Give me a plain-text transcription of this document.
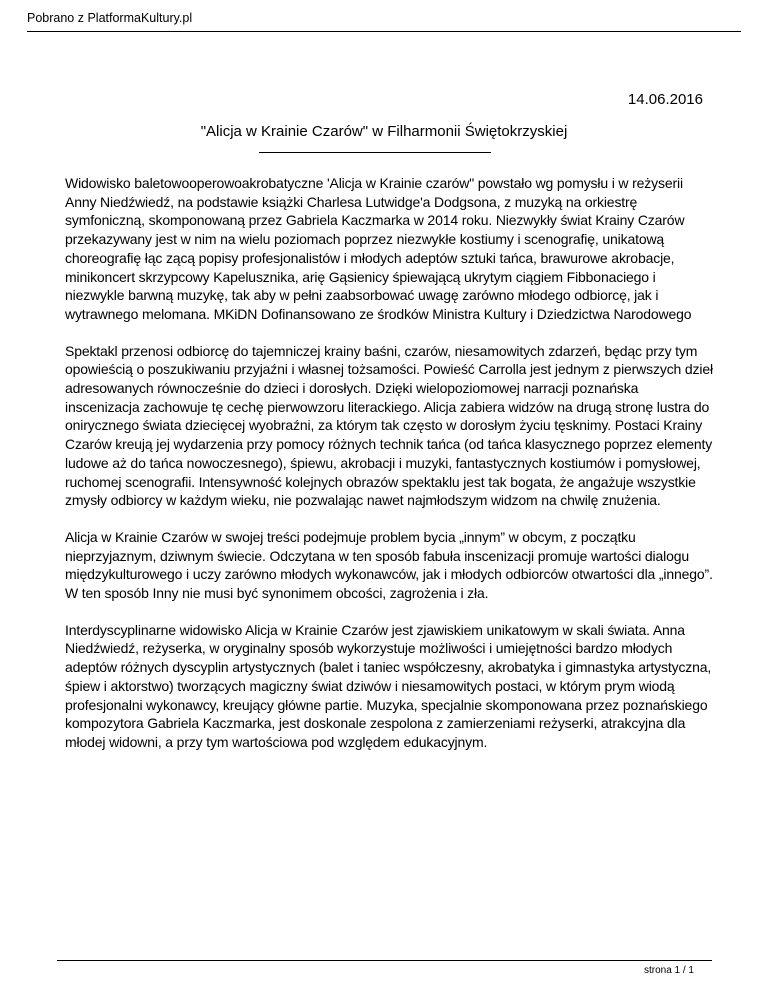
Pobrano z PlatformaKultury.pl
14.06.2016
"Alicja w Krainie Czarów" w Filharmonii Świętokrzyskiej

Widowisko baletowooperowoakrobatyczne 'Alicja w Krainie czarów" powstało wg pomysłu i w reżyserii Anny Niedźwiedź, na podstawie książki Charlesa Lutwidge'a Dodgsona, z muzyką na orkiestrę symfoniczną, skomponowaną przez Gabriela Kaczmarka w 2014 roku. Niezwykły świat Krainy Czarów przekazywany jest w nim na wielu poziomach poprzez niezwykłe kostiumy i scenografię, unikatową choreografię łąc zącą popisy profesjonalistów i młodych adeptów sztuki tańca, brawurowe akrobacje, minikoncert skrzypcowy Kapelusznika, arię Gąsienicy śpiewającą ukrytym ciągiem Fibbonaciego i niezwykle barwną muzykę, tak aby w pełni zaabsorbować uwagę zarówno młodego odbiorcę, jak i wytrawnego melomana. MKiDN Dofinansowano ze środków Ministra Kultury i Dziedzictwa Narodowego

Spektakl przenosi odbiorcę do tajemniczej krainy baśni, czarów, niesamowitych zdarzeń, będąc przy tym opowieścią o poszukiwaniu przyjaźni i własnej tożsamości. Powieść Carrolla jest jednym z pierwszych dzieł adresowanych równocześnie do dzieci i dorosłych. Dzięki wielopoziomowej narracji poznańska inscenizacja zachowuje tę cechę pierwowzoru literackiego. Alicja zabiera widzów na drugą stronę lustra do onirycznego świata dziecięcej wyobraźni, za którym tak często w dorosłym życiu tęsknimy. Postaci Krainy Czarów kreują jej wydarzenia przy pomocy różnych technik tańca (od tańca klasycznego poprzez elementy ludowe aż do tańca nowoczesnego), śpiewu, akrobacji i muzyki, fantastycznych kostiumów i pomysłowej, ruchomej scenografii. Intensywność kolejnych obrazów spektaklu jest tak bogata, że angażuje wszystkie zmysły odbiorcy w każdym wieku, nie pozwalając nawet najmłodszym widzom na chwilę znużenia.

Alicja w Krainie Czarów w swojej treści podejmuje problem bycia „innym” w obcym, z początku nieprzyjaznym, dziwnym świecie. Odczytana w ten sposób fabuła inscenizacji promuje wartości dialogu międzykulturowego i uczy zarówno młodych wykonawców, jak i młodych odbiorców otwartości dla „innego”. W ten sposób Inny nie musi być synonimem obcości, zagrożenia i zła.

Interdyscyplinarne widowisko Alicja w Krainie Czarów jest zjawiskiem unikatowym w skali świata. Anna Niedźwiedź, reżyserka, w oryginalny sposób wykorzystuje możliwości i umiejętności bardzo młodych adeptów różnych dyscyplin artystycznych (balet i taniec współczesny, akrobatyka i gimnastyka artystyczna, śpiew i aktorstwo) tworzących magiczny świat dziwów i niesamowitych postaci, w którym prym wiodą profesjonalni wykonawcy, kreujący główne partie. Muzyka, specjalnie skomponowana przez poznańskiego kompozytora Gabriela Kaczmarka, jest doskonale zespolona z zamierzeniami reżyserki, atrakcyjna dla młodej widowni, a przy tym wartościowa pod względem edukacyjnym.

strona 1 / 1
